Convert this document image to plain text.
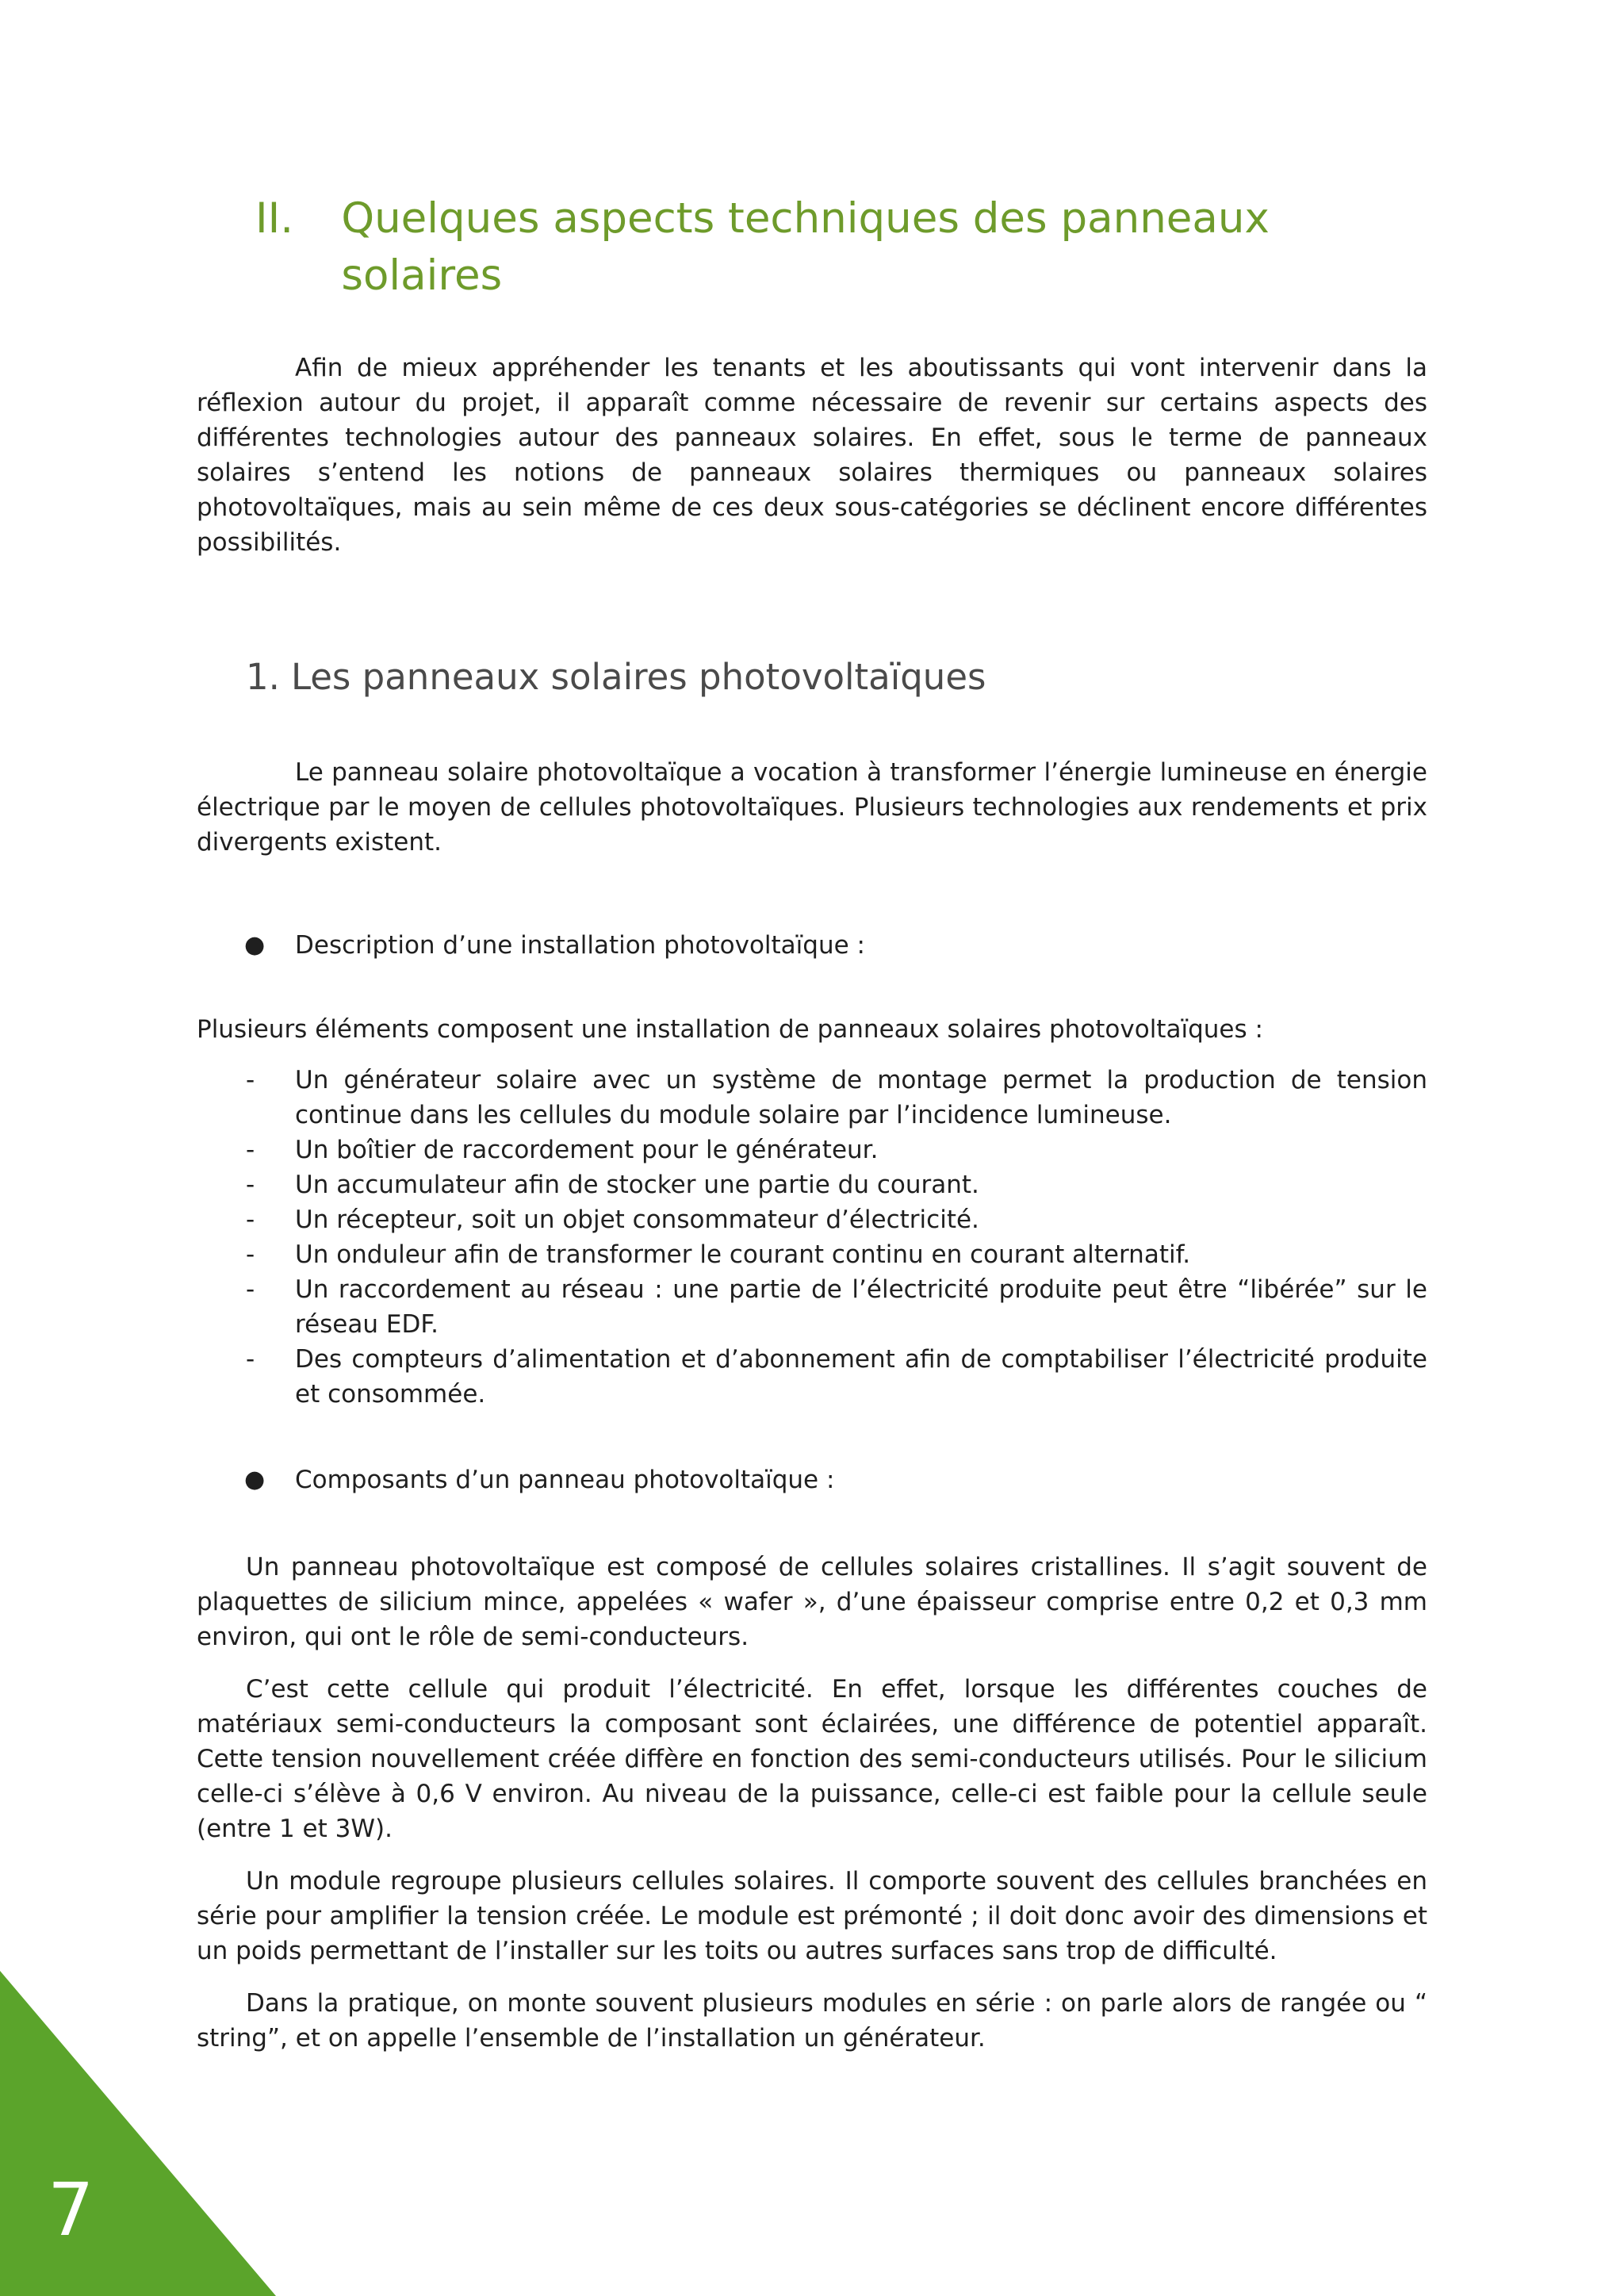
II.	Quelques aspects techniques des panneaux solaires

Afin de mieux appréhender les tenants et les aboutissants qui vont intervenir dans la réflexion autour du projet, il apparaît comme nécessaire de revenir sur certains aspects des différentes technologies autour des panneaux solaires. En effet, sous le terme de panneaux solaires s’entend les notions de panneaux solaires thermiques ou panneaux solaires photovoltaïques, mais au sein même de ces deux sous-catégories se déclinent encore différentes possibilités.

1. Les panneaux solaires photovoltaïques

Le panneau solaire photovoltaïque a vocation à transformer l’énergie lumineuse en énergie électrique par le moyen de cellules photovoltaïques. Plusieurs technologies aux rendements et prix divergents existent.

●	Description d’une installation photovoltaïque :

Plusieurs éléments composent une installation de panneaux solaires photovoltaïques :

- Un générateur solaire avec un système de montage permet la production de tension continue dans les cellules du module solaire par l’incidence lumineuse.
- Un boîtier de raccordement pour le générateur.
- Un accumulateur afin de stocker une partie du courant.
- Un récepteur, soit un objet consommateur d’électricité.
- Un onduleur afin de transformer le courant continu en courant alternatif.
- Un raccordement au réseau : une partie de l’électricité produite peut être “libérée” sur le réseau EDF.
- Des compteurs d’alimentation et d’abonnement afin de comptabiliser l’électricité produite et consommée.
●	Composants d’un panneau photovoltaïque :

Un panneau photovoltaïque est composé de cellules solaires cristallines. Il s’agit souvent de plaquettes de silicium mince, appelées « wafer », d’une épaisseur comprise entre 0,2 et 0,3 mm environ, qui ont le rôle de semi-conducteurs.

C’est cette cellule qui produit l’électricité. En effet, lorsque les différentes couches de matériaux semi-conducteurs la composant sont éclairées, une différence de potentiel apparaît. Cette tension nouvellement créée diffère en fonction des semi-conducteurs utilisés. Pour le silicium celle-ci s’élève à 0,6 V environ. Au niveau de la puissance, celle-ci est faible pour la cellule seule (entre 1 et 3W).

Un module regroupe plusieurs cellules solaires. Il comporte souvent des cellules branchées en série pour amplifier la tension créée. Le module est prémonté ; il doit donc avoir des dimensions et un poids permettant de l’installer sur les toits ou autres surfaces sans trop de difficulté.

Dans la pratique, on monte souvent plusieurs modules en série : on parle alors de rangée ou “ string”, et on appelle l’ensemble de l’installation un générateur.

7
